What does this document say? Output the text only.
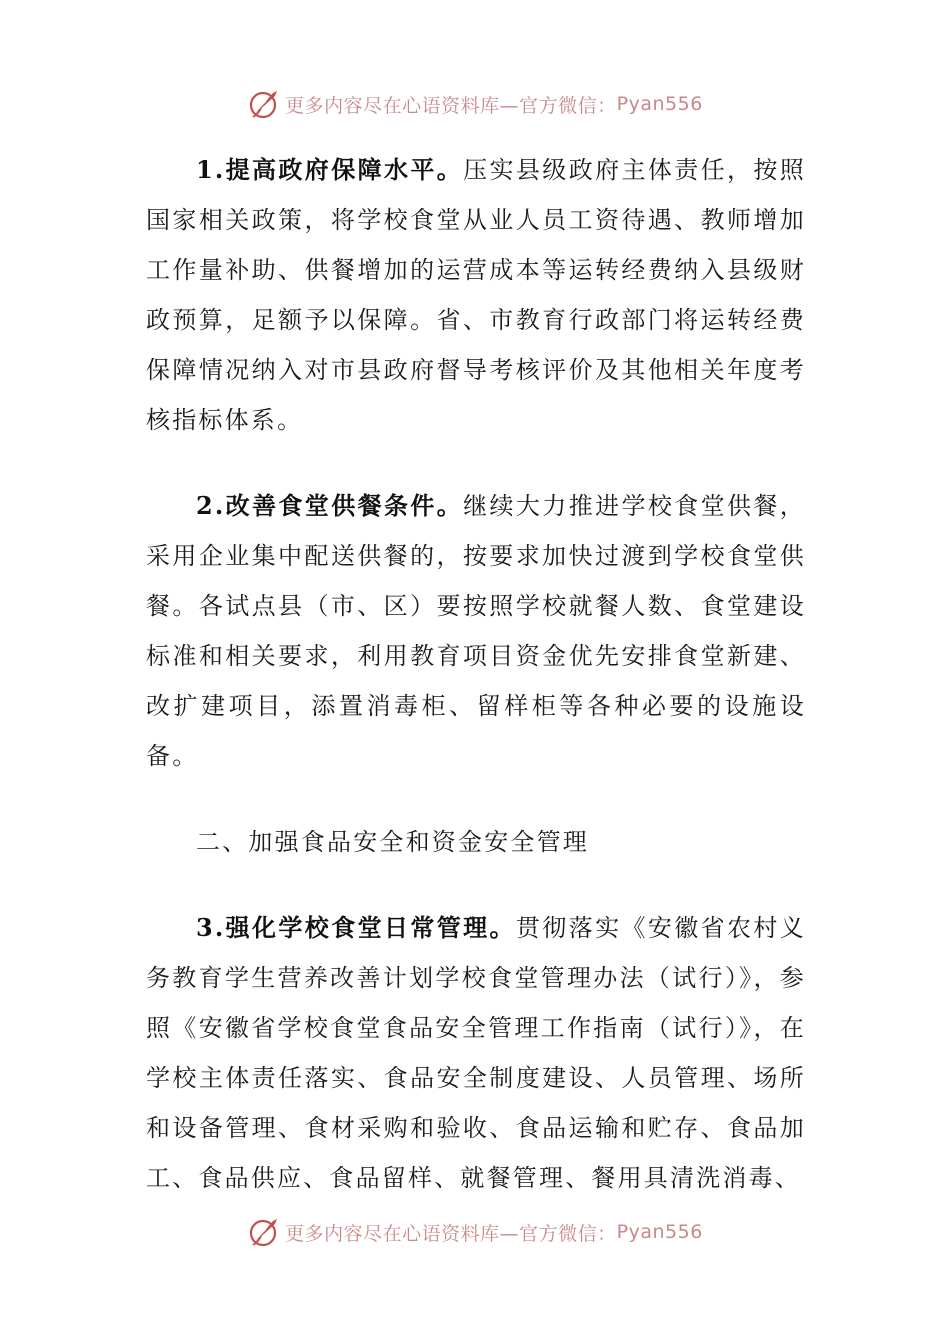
更多内容尽在心语资料库—官方微信： Pyan556

1.提高政府保障水平。压实县级政府主体责任，按照国家相关政策，将学校食堂从业人员工资待遇、教师增加工作量补助、供餐增加的运营成本等运转经费纳入县级财政预算，足额予以保障。省、市教育行政部门将运转经费保障情况纳入对市县政府督导考核评价及其他相关年度考核指标体系。

2.改善食堂供餐条件。继续大力推进学校食堂供餐，采用企业集中配送供餐的，按要求加快过渡到学校食堂供餐。各试点县（市、区）要按照学校就餐人数、食堂建设标准和相关要求，利用教育项目资金优先安排食堂新建、改扩建项目，添置消毒柜、留样柜等各种必要的设施设备。

二、加强食品安全和资金安全管理

3.强化学校食堂日常管理。贯彻落实《安徽省农村义务教育学生营养改善计划学校食堂管理办法（试行）》，参照《安徽省学校食堂食品安全管理工作指南（试行）》，在学校主体责任落实、食品安全制度建设、人员管理、场所和设备管理、食材采购和验收、食品运输和贮存、食品加工、食品供应、食品留样、就餐管理、餐用具清洗消毒、

更多内容尽在心语资料库—官方微信： Pyan556
